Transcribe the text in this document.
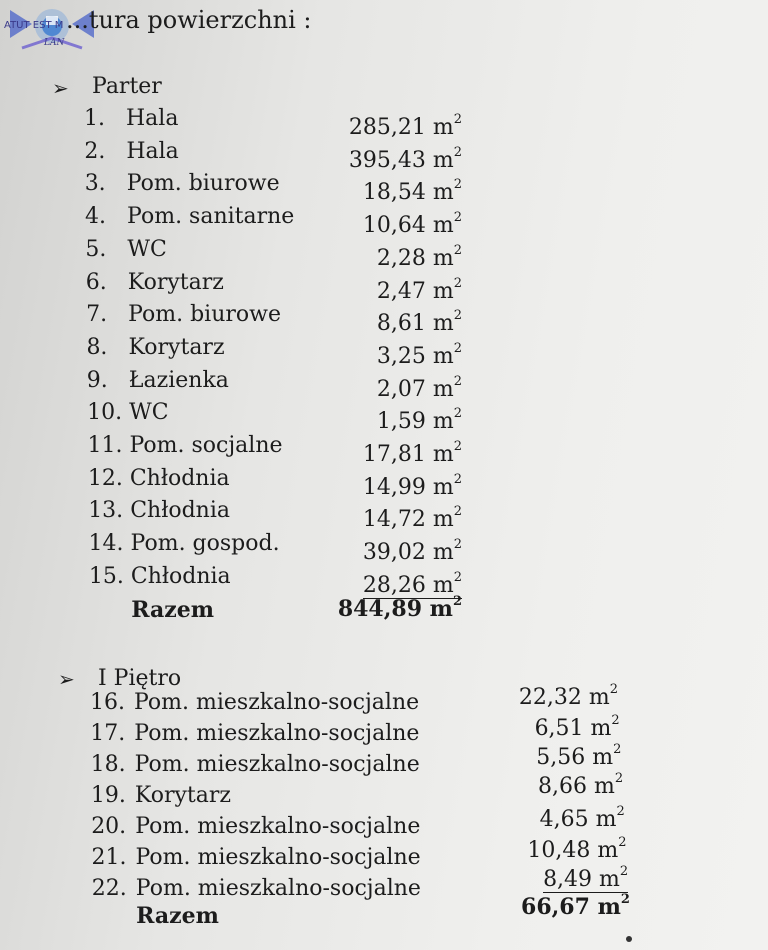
ATUT EST M
LAN
...tura powierzchni :
➢ Parter
1. Hala	285,21 $m^2$
2. Hala	395,43 $m^2$
3. Pom. biurowe	18,54 $m^2$
4. Pom. sanitarne	10,64 $m^2$
5. WC	2,28 $m^2$
6. Korytarz	2,47 $m^2$
7. Pom. biurowe	8,61 $m^2$
8. Korytarz	3,25 $m^2$
9. Łazienka	2,07 $m^2$
10. WC	1,59 $m^2$
11. Pom. socjalne	17,81 $m^2$
12. Chłodnia	14,99 $m^2$
13. Chłodnia	14,72 $m^2$
14. Pom. gospod.	39,02 $m^2$
15. Chłodnia	28,26 $m^2$
Razem	844,89 $m^2$
➢ I Piętro
16. Pom. mieszkalno-socjalne	22,32 $m^2$
17. Pom. mieszkalno-socjalne	6,51 $m^2$
18. Pom. mieszkalno-socjalne	5,56 $m^2$
19. Korytarz	8,66 $m^2$
20. Pom. mieszkalno-socjalne	4,65 $m^2$
21. Pom. mieszkalno-socjalne	10,48 $m^2$
22. Pom. mieszkalno-socjalne	8,49 $m^2$
Razem	66,67 $m^2$
